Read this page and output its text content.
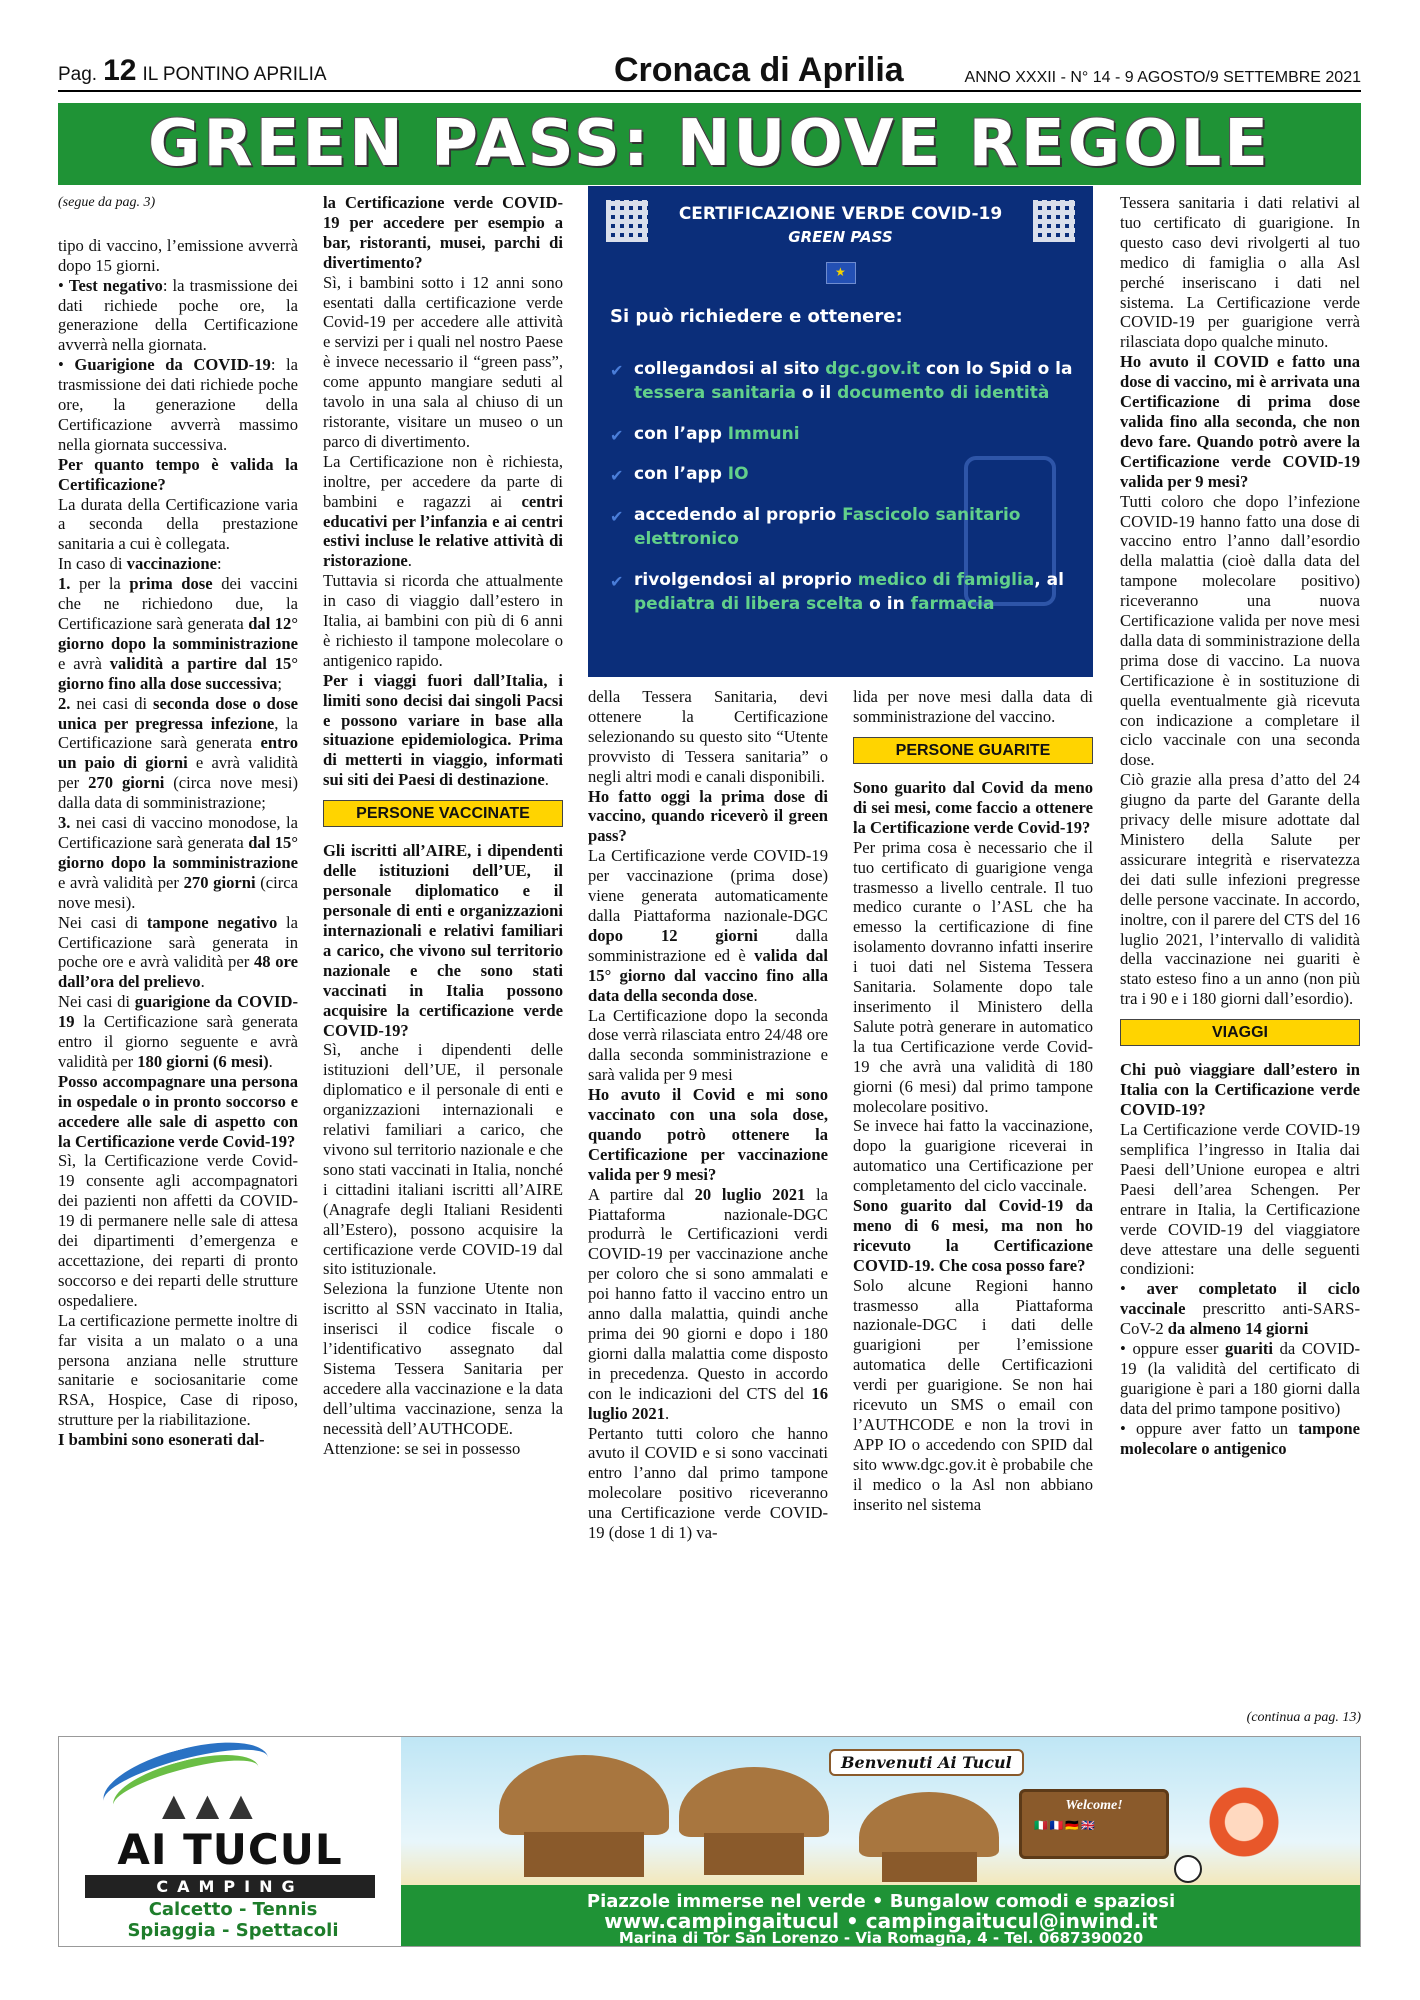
Pag. 12 IL PONTINO APRILIA	Cronaca di Aprilia	ANNO XXXII - N° 14 - 9 AGOSTO/9 SETTEMBRE 2021
GREEN PASS: NUOVE REGOLE
(segue da pag. 3)

tipo di vaccino, l’emissione avverrà dopo 15 giorni.

• Test negativo: la trasmissione dei dati richiede poche ore, la generazione della Certificazione avverrà nella giornata.

• Guarigione da COVID-19: la trasmissione dei dati richiede poche ore, la generazione della Certificazione avverrà massimo nella giornata successiva.

Per quanto tempo è valida la Certificazione?

La durata della Certificazione varia a seconda della prestazione sanitaria a cui è collegata.

In caso di vaccinazione:

1. per la prima dose dei vaccini che ne richiedono due, la Certificazione sarà generata dal 12° giorno dopo la somministrazione e avrà validità a partire dal 15° giorno fino alla dose successiva;

2. nei casi di seconda dose o dose unica per pregressa infezione, la Certificazione sarà generata entro un paio di giorni e avrà validità per 270 giorni (circa nove mesi) dalla data di somministrazione;

3. nei casi di vaccino monodose, la Certificazione sarà generata dal 15° giorno dopo la somministrazione e avrà validità per 270 giorni (circa nove mesi).

Nei casi di tampone negativo la Certificazione sarà generata in poche ore e avrà validità per 48 ore dall’ora del prelievo.

Nei casi di guarigione da COVID-19 la Certificazione sarà generata entro il giorno seguente e avrà validità per 180 giorni (6 mesi).

Posso accompagnare una persona in ospedale o in pronto soccorso e accedere alle sale di aspetto con la Certificazione verde Covid-19?

Sì, la Certificazione verde Covid-19 consente agli accompagnatori dei pazienti non affetti da COVID-19 di permanere nelle sale di attesa dei dipartimenti d’emergenza e accettazione, dei reparti di pronto soccorso e dei reparti delle strutture ospedaliere.

La certificazione permette inoltre di far visita a un malato o a una persona anziana nelle strutture sanitarie e sociosanitarie come RSA, Hospice, Case di riposo, strutture per la riabilitazione.

I bambini sono esonerati dal-

la Certificazione verde COVID-19 per accedere per esempio a bar, ristoranti, musei, parchi di divertimento?

Sì, i bambini sotto i 12 anni sono esentati dalla certificazione verde Covid-19 per accedere alle attività e servizi per i quali nel nostro Paese è invece necessario il “green pass”, come appunto mangiare seduti al tavolo in una sala al chiuso di un ristorante, visitare un museo o un parco di divertimento.

La Certificazione non è richiesta, inoltre, per accedere da parte di bambini e ragazzi ai centri educativi per l’infanzia e ai centri estivi incluse le relative attività di ristorazione.

Tuttavia si ricorda che attualmente in caso di viaggio dall’estero in Italia, ai bambini con più di 6 anni è richiesto il tampone molecolare o antigenico rapido.

Per i viaggi fuori dall’Italia, i limiti sono decisi dai singoli Pacsi e possono variare in base alla situazione epidemiologica. Prima di metterti in viaggio, informati sui siti dei Paesi di destinazione.

PERSONE VACCINATE

Gli iscritti all’AIRE, i dipendenti delle istituzioni dell’UE, il personale diplomatico e il personale di enti e organizzazioni internazionali e relativi familiari a carico, che vivono sul territorio nazionale e che sono stati vaccinati in Italia possono acquisire la certificazione verde COVID-19?

Sì, anche i dipendenti delle istituzioni dell’UE, il personale diplomatico e il personale di enti e organizzazioni internazionali e relativi familiari a carico, che vivono sul territorio nazionale e che sono stati vaccinati in Italia, nonché i cittadini italiani iscritti all’AIRE (Anagrafe degli Italiani Residenti all’Estero), possono acquisire la certificazione verde COVID-19 dal sito istituzionale.

Seleziona la funzione Utente non iscritto al SSN vaccinato in Italia, inserisci il codice fiscale o l’identificativo assegnato dal Sistema Tessera Sanitaria per accedere alla vaccinazione e la data dell’ultima vaccinazione, senza la necessità dell’AUTHCODE.

Attenzione: se sei in possesso

CERTIFICAZIONE VERDE COVID-19
GREEN PASS
★
Si può richiedere e ottenere:
✔ collegandosi al sito dgc.gov.it con lo Spid o la tessera sanitaria o il documento di identità
✔ con l’app Immuni
✔ con l’app IO
✔ accedendo al proprio Fascicolo sanitario elettronico
✔ rivolgendosi al proprio medico di famiglia, al pediatra di libera scelta o in farmacia

della Tessera Sanitaria, devi ottenere la Certificazione selezionando su questo sito “Utente provvisto di Tessera sanitaria” o negli altri modi e canali disponibili.

Ho fatto oggi la prima dose di vaccino, quando riceverò il green pass?

La Certificazione verde COVID-19 per vaccinazione (prima dose) viene generata automaticamente dalla Piattaforma nazionale-DGC dopo 12 giorni dalla somministrazione ed è valida dal 15° giorno dal vaccino fino alla data della seconda dose.

La Certificazione dopo la seconda dose verrà rilasciata entro 24/48 ore dalla seconda somministrazione e sarà valida per 9 mesi

Ho avuto il Covid e mi sono vaccinato con una sola dose, quando potrò ottenere la Certificazione per vaccinazione valida per 9 mesi?

A partire dal 20 luglio 2021 la Piattaforma nazionale-DGC produrrà le Certificazioni verdi COVID-19 per vaccinazione anche per coloro che si sono ammalati e poi hanno fatto il vaccino entro un anno dalla malattia, quindi anche prima dei 90 giorni e dopo i 180 giorni dalla malattia come disposto in precedenza. Questo in accordo con le indicazioni del CTS del 16 luglio 2021.

Pertanto tutti coloro che hanno avuto il COVID e si sono vaccinati entro l’anno dal primo tampone molecolare positivo riceveranno una Certificazione verde COVID-19 (dose 1 di 1) va-

lida per nove mesi dalla data di somministrazione del vaccino.

PERSONE GUARITE

Sono guarito dal Covid da meno di sei mesi, come faccio a ottenere la Certificazione verde Covid-19?

Per prima cosa è necessario che il tuo certificato di guarigione venga trasmesso a livello centrale. Il tuo medico curante o l’ASL che ha emesso la certificazione di fine isolamento dovranno infatti inserire i tuoi dati nel Sistema Tessera Sanitaria. Solamente dopo tale inserimento il Ministero della Salute potrà generare in automatico la tua Certificazione verde Covid-19 che avrà una validità di 180 giorni (6 mesi) dal primo tampone molecolare positivo.

Se invece hai fatto la vaccinazione, dopo la guarigione riceverai in automatico una Certificazione per completamento del ciclo vaccinale.

Sono guarito dal Covid-19 da meno di 6 mesi, ma non ho ricevuto la Certificazione COVID-19. Che cosa posso fare?

Solo alcune Regioni hanno trasmesso alla Piattaforma nazionale-DGC i dati delle guarigioni per l’emissione automatica delle Certificazioni verdi per guarigione. Se non hai ricevuto un SMS o email con l’AUTHCODE e non la trovi in APP IO o accedendo con SPID dal sito www.dgc.gov.it è probabile che il medico o la Asl non abbiano inserito nel sistema

Tessera sanitaria i dati relativi al tuo certificato di guarigione. In questo caso devi rivolgerti al tuo medico di famiglia o alla Asl perché inseriscano i dati nel sistema. La Certificazione verde COVID-19 per guarigione verrà rilasciata dopo qualche minuto.

Ho avuto il COVID e fatto una dose di vaccino, mi è arrivata una Certificazione di prima dose valida fino alla seconda, che non devo fare. Quando potrò avere la Certificazione verde COVID-19 valida per 9 mesi?

Tutti coloro che dopo l’infezione COVID-19 hanno fatto una dose di vaccino entro l’anno dall’esordio della malattia (cioè dalla data del tampone molecolare positivo) riceveranno una nuova Certificazione valida per nove mesi dalla data di somministrazione della prima dose di vaccino. La nuova Certificazione è in sostituzione di quella eventualmente già ricevuta con indicazione a completare il ciclo vaccinale con una seconda dose.

Ciò grazie alla presa d’atto del 24 giugno da parte del Garante della privacy delle misure adottate dal Ministero della Salute per assicurare integrità e riservatezza dei dati sulle infezioni pregresse delle persone vaccinate. In accordo, inoltre, con il parere del CTS del 16 luglio 2021, l’intervallo di validità della vaccinazione nei guariti è stato esteso fino a un anno (non più tra i 90 e i 180 giorni dall’esordio).

VIAGGI

Chi può viaggiare dall’estero in Italia con la Certificazione verde COVID-19?

La Certificazione verde COVID-19 semplifica l’ingresso in Italia dai Paesi dell’Unione europea e altri Paesi dell’area Schengen. Per entrare in Italia, la Certificazione verde COVID-19 del viaggiatore deve attestare una delle seguenti condizioni:

• aver completato il ciclo vaccinale prescritto anti-SARS-CoV-2 da almeno 14 giorni

• oppure esser guariti da COVID-19 (la validità del certificato di guarigione è pari a 180 giorni dalla data del primo tampone positivo)

• oppure aver fatto un tampone molecolare o antigenico

(continua a pag. 13)
Benvenuti Ai Tucul
Welcome!
🇮🇹🇫🇷🇩🇪🇬🇧
▲▲▲
AI TUCUL
CAMPING
Calcetto - Tennis
Spiaggia - Spettacoli
Piazzole immerse nel verde • Bungalow comodi e spaziosi
www.campingaitucul • campingaitucul@inwind.it
Marina di Tor San Lorenzo - Via Romagna, 4 - Tel. 0687390020
